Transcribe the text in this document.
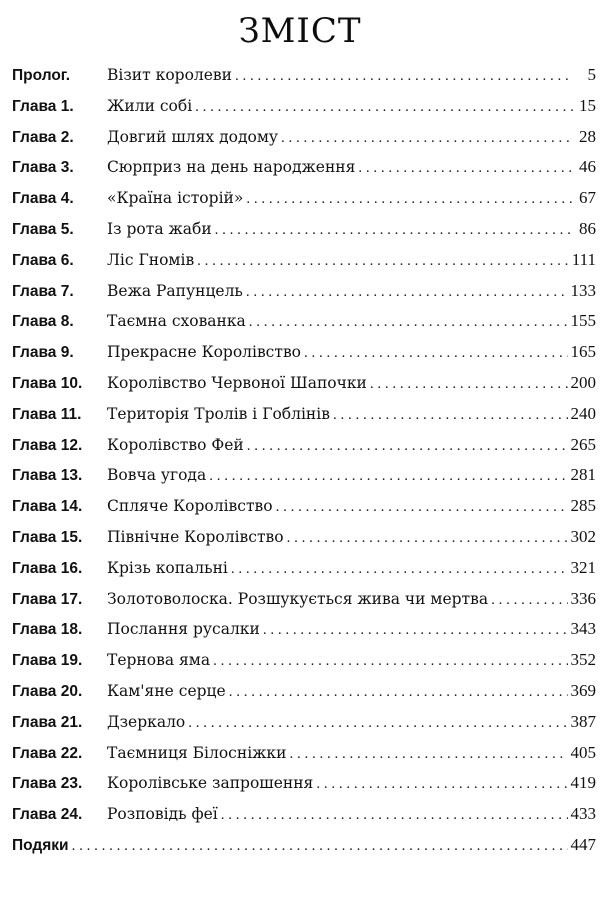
ЗМІСТ
Пролог.	Візит королеви . . .	5
Глава 1.	Жили собі . . .	15
Глава 2.	Довгий шлях додому . . .	28
Глава 3.	Сюрприз на день народження . . .	46
Глава 4.	«Країна історій» . . .	67
Глава 5.	Із рота жаби . . .	86
Глава 6.	Ліс Гномів . . .	111
Глава 7.	Вежа Рапунцель . . .	133
Глава 8.	Таємна схованка . . .	155
Глава 9.	Прекрасне Королівство . . .	165
Глава 10.	Королівство Червоної Шапочки . . .	200
Глава 11.	Територія Тролів і Гоблінів . . .	240
Глава 12.	Королівство Фей . . .	265
Глава 13.	Вовча угода . . .	281
Глава 14.	Спляче Королівство . . .	285
Глава 15.	Північне Королівство . . .	302
Глава 16.	Крізь копальні . . .	321
Глава 17.	Золотоволоска. Розшукується жива чи мертва . . .	336
Глава 18.	Послання русалки . . .	343
Глава 19.	Тернова яма . . .	352
Глава 20.	Кам'яне серце . . .	369
Глава 21.	Дзеркало . . .	387
Глава 22.	Таємниця Білосніжки . . .	405
Глава 23.	Королівське запрошення . . .	419
Глава 24.	Розповідь феї . . .	433
Подяки . . .	447
